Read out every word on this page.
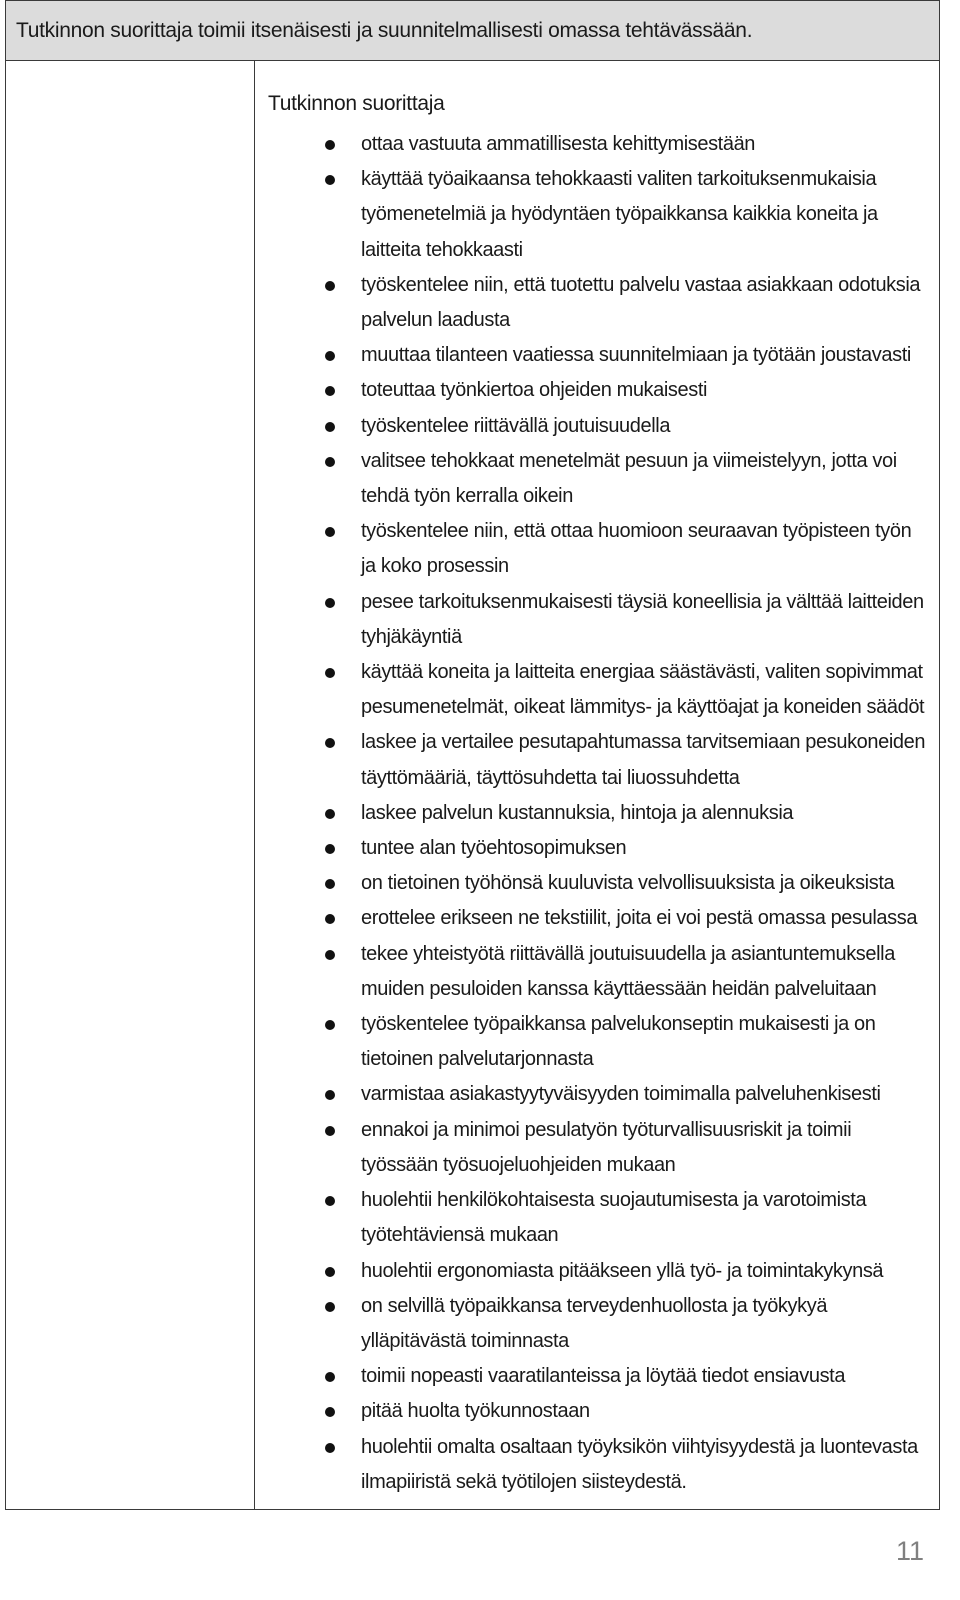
Tutkinnon suorittaja toimii itsenäisesti ja suunnitelmallisesti omassa tehtävässään.
Tutkinnon suorittaja
ottaa vastuuta ammatillisesta kehittymisestään
käyttää työaikaansa tehokkaasti valiten tarkoituksenmukaisia työmenetelmiä ja hyödyntäen työpaikkansa kaikkia koneita ja laitteita tehokkaasti
työskentelee niin, että tuotettu palvelu vastaa asiakkaan odotuksia palvelun laadusta
muuttaa tilanteen vaatiessa suunnitelmiaan ja työtään joustavasti
toteuttaa työnkiertoa ohjeiden mukaisesti
työskentelee riittävällä joutuisuudella
valitsee tehokkaat menetelmät pesuun ja viimeistelyyn, jotta voi tehdä työn kerralla oikein
työskentelee niin, että ottaa huomioon seuraavan työpisteen työn ja koko prosessin
pesee tarkoituksenmukaisesti täysiä koneellisia ja välttää laitteiden tyhjäkäyntiä
käyttää koneita ja laitteita energiaa säästävästi, valiten sopivimmat pesumenetelmät, oikeat lämmitys- ja käyttöajat ja koneiden säädöt
laskee ja vertailee pesutapahtumassa tarvitsemiaan pesukoneiden täyttömääriä, täyttösuhdetta tai liuossuhdetta
laskee palvelun kustannuksia, hintoja ja alennuksia
tuntee alan työehtosopimuksen
on tietoinen työhönsä kuuluvista velvollisuuksista ja oikeuksista
erottelee erikseen ne tekstiilit, joita ei voi pestä omassa pesulassa
tekee yhteistyötä riittävällä joutuisuudella ja asiantuntemuksella muiden pesuloiden kanssa käyttäessään heidän palveluitaan
työskentelee työpaikkansa palvelukonseptin mukaisesti ja on tietoinen palvelutarjonnasta
varmistaa asiakastyytyväisyyden toimimalla palveluhenkisesti
ennakoi ja minimoi pesulatyön työturvallisuusriskit ja toimii työssään työsuojeluohjeiden mukaan
huolehtii henkilökohtaisesta suojautumisesta ja varotoimista työtehtäviensä mukaan
huolehtii ergonomiasta pitääkseen yllä työ- ja toimintakykynsä
on selvillä työpaikkansa terveydenhuollosta ja työkykyä ylläpitävästä toiminnasta
toimii nopeasti vaaratilanteissa ja löytää tiedot ensiavusta
pitää huolta työkunnostaan
huolehtii omalta osaltaan työyksikön viihtyisyydestä ja luontevasta ilmapiiristä sekä työtilojen siisteydestä.
11
